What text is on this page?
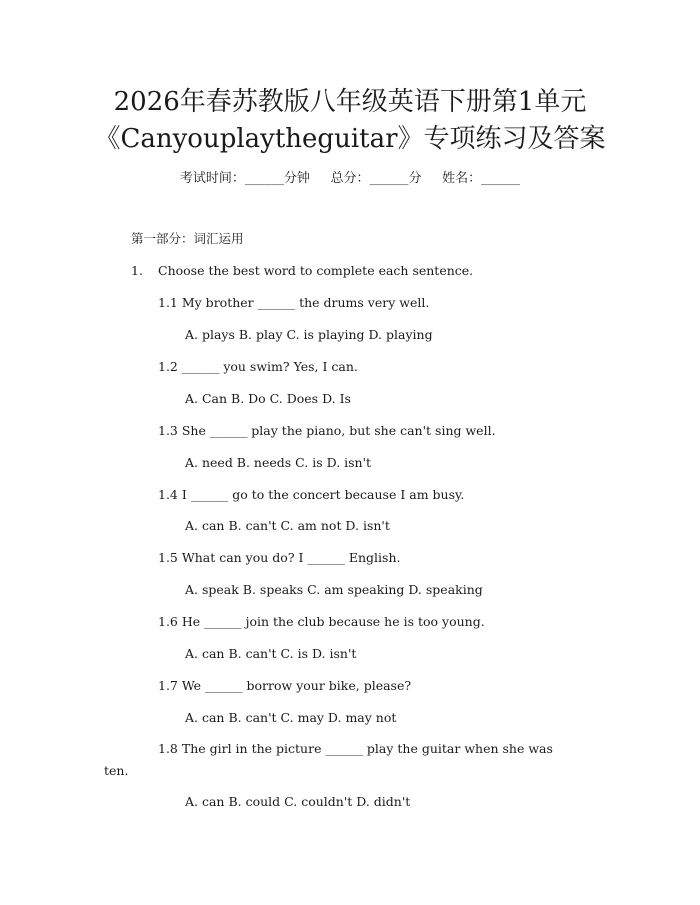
2026年春苏教版八年级英语下册第1单元
《Canyouplaytheguitar》专项练习及答案
考试时间：______分钟     总分：______分     姓名：______
第一部分：词汇运用
1. Choose the best word to complete each sentence.
1.1 My brother ______ the drums very well.
A. plays B. play C. is playing D. playing
1.2 ______ you swim? Yes, I can.
A. Can B. Do C. Does D. Is
1.3 She ______ play the piano, but she can't sing well.
A. need B. needs C. is D. isn't
1.4 I ______ go to the concert because I am busy.
A. can B. can't C. am not D. isn't
1.5 What can you do? I ______ English.
A. speak B. speaks C. am speaking D. speaking
1.6 He ______ join the club because he is too young.
A. can B. can't C. is D. isn't
1.7 We ______ borrow your bike, please?
A. can B. can't C. may D. may not
1.8 The girl in the picture ______ play the guitar when she was
ten.
A. can B. could C. couldn't D. didn't
